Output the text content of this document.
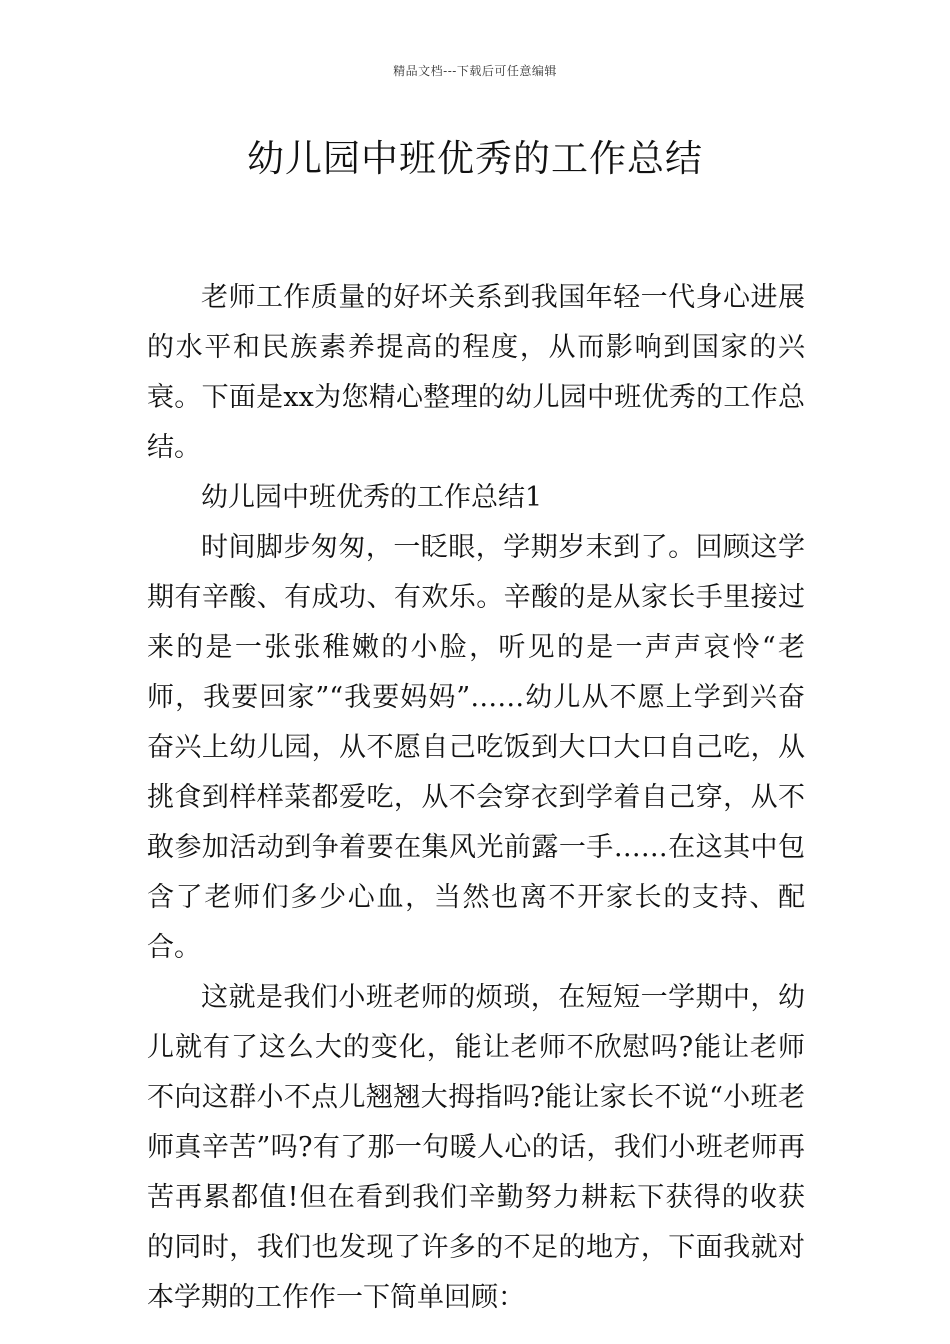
精品文档---下载后可任意编辑
幼儿园中班优秀的工作总结

老师工作质量的好坏关系到我国年轻一代身心进展的水平和民族素养提高的程度，从而影响到国家的兴衰。下面是xx为您精心整理的幼儿园中班优秀的工作总结。

幼儿园中班优秀的工作总结1

时间脚步匆匆，一眨眼，学期岁末到了。回顾这学期有辛酸、有成功、有欢乐。辛酸的是从家长手里接过来的是一张张稚嫩的小脸，听见的是一声声哀怜“老师，我要回家”“我要妈妈”……幼儿从不愿上学到兴奋奋兴上幼儿园，从不愿自己吃饭到大口大口自己吃，从挑食到样样菜都爱吃，从不会穿衣到学着自己穿，从不敢参加活动到争着要在集风光前露一手……在这其中包含了老师们多少心血，当然也离不开家长的支持、配合。

这就是我们小班老师的烦琐，在短短一学期中，幼儿就有了这么大的变化，能让老师不欣慰吗?能让老师不向这群小不点儿翘翘大拇指吗?能让家长不说“小班老师真辛苦”吗?有了那一句暖人心的话，我们小班老师再苦再累都值!但在看到我们辛勤努力耕耘下获得的收获的同时，我们也发现了许多的不足的地方，下面我就对本学期的工作作一下简单回顾：
